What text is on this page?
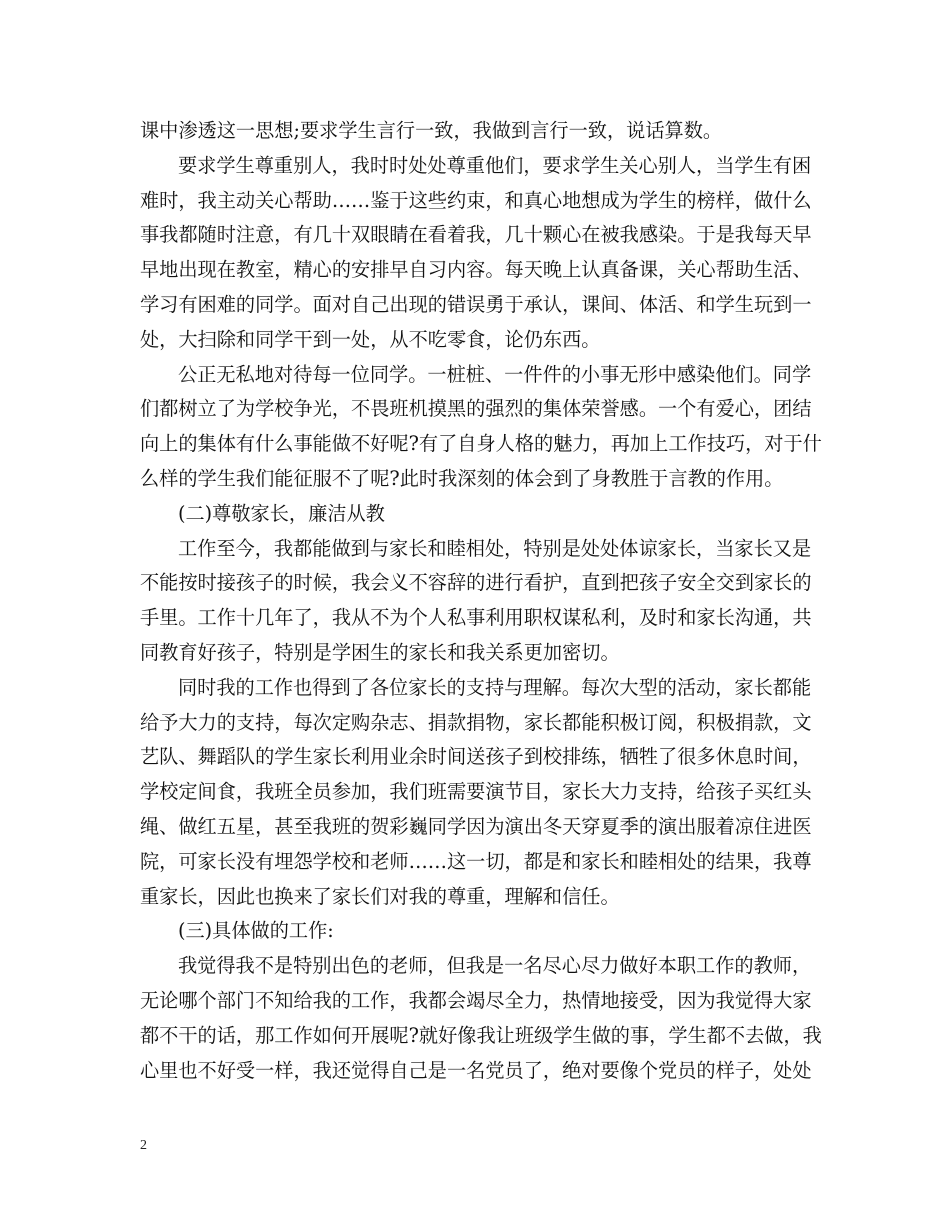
课中渗透这一思想;要求学生言行一致，我做到言行一致，说话算数。
要求学生尊重别人，我时时处处尊重他们，要求学生关心别人，当学生有困
难时，我主动关心帮助……鉴于这些约束，和真心地想成为学生的榜样，做什么
事我都随时注意，有几十双眼睛在看着我，几十颗心在被我感染。于是我每天早
早地出现在教室，精心的安排早自习内容。每天晚上认真备课，关心帮助生活、
学习有困难的同学。面对自己出现的错误勇于承认，课间、体活、和学生玩到一
处，大扫除和同学干到一处，从不吃零食，论仍东西。
公正无私地对待每一位同学。一桩桩、一件件的小事无形中感染他们。同学
们都树立了为学校争光，不畏班机摸黑的强烈的集体荣誉感。一个有爱心，团结
向上的集体有什么事能做不好呢?有了自身人格的魅力，再加上工作技巧，对于什
么样的学生我们能征服不了呢?此时我深刻的体会到了身教胜于言教的作用。
(二)尊敬家长，廉洁从教
工作至今，我都能做到与家长和睦相处，特别是处处体谅家长，当家长又是
不能按时接孩子的时候，我会义不容辞的进行看护，直到把孩子安全交到家长的
手里。工作十几年了，我从不为个人私事利用职权谋私利，及时和家长沟通，共
同教育好孩子，特别是学困生的家长和我关系更加密切。
同时我的工作也得到了各位家长的支持与理解。每次大型的活动，家长都能
给予大力的支持，每次定购杂志、捐款捐物，家长都能积极订阅，积极捐款，文
艺队、舞蹈队的学生家长利用业余时间送孩子到校排练，牺牲了很多休息时间，
学校定间食，我班全员参加，我们班需要演节目，家长大力支持，给孩子买红头
绳、做红五星，甚至我班的贺彩巍同学因为演出冬天穿夏季的演出服着凉住进医
院，可家长没有埋怨学校和老师……这一切，都是和家长和睦相处的结果，我尊
重家长，因此也换来了家长们对我的尊重，理解和信任。
(三)具体做的工作:
我觉得我不是特别出色的老师，但我是一名尽心尽力做好本职工作的教师，
无论哪个部门不知给我的工作，我都会竭尽全力，热情地接受，因为我觉得大家
都不干的话，那工作如何开展呢?就好像我让班级学生做的事，学生都不去做，我
心里也不好受一样，我还觉得自己是一名党员了，绝对要像个党员的样子，处处
2
